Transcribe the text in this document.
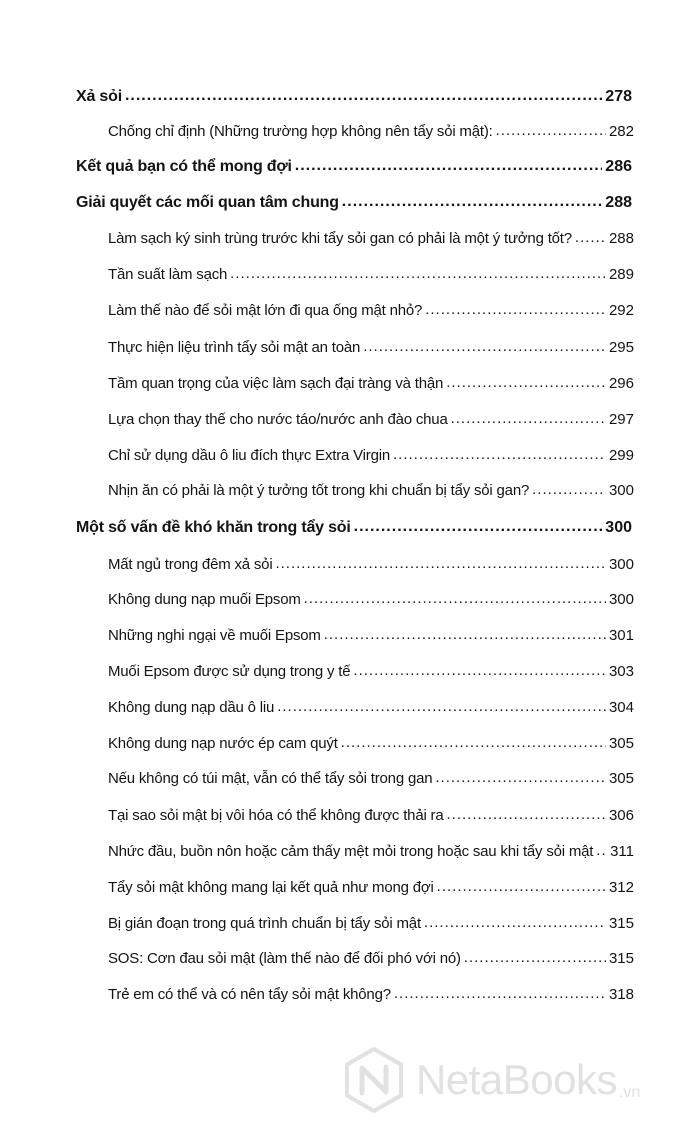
Xả sỏi .....	278
Chống chỉ định (Những trường hợp không nên tẩy sỏi mật): .....	282
Kết quả bạn có thể mong đợi .....	286
Giải quyết các mối quan tâm chung .....	288
Làm sạch ký sinh trùng trước khi tẩy sỏi gan có phải là một ý tưởng tốt? ..... 288
Tần suất làm sạch .....	289
Làm thế nào để sỏi mật lớn đi qua ống mật nhỏ? .....	292
Thực hiện liệu trình tẩy sỏi mật an toàn .....	295
Tầm quan trọng của việc làm sạch đại tràng và thận .....	296
Lựa chọn thay thế cho nước táo/nước anh đào chua .....	297
Chỉ sử dụng dầu ô liu đích thực Extra Virgin .....	299
Nhịn ăn có phải là một ý tưởng tốt trong khi chuẩn bị tẩy sỏi gan? .....	300
Một số vấn đề khó khăn trong tẩy sỏi .....	300
Mất ngủ trong đêm xả sỏi .....	300
Không dung nạp muối Epsom .....	300
Những nghi ngại về muối Epsom .....	301
Muối Epsom được sử dụng trong y tế .....	303
Không dung nạp dầu ô liu .....	304
Không dung nạp nước ép cam quýt .....	305
Nếu không có túi mật, vẫn có thể tẩy sỏi trong gan .....	305
Tại sao sỏi mật bị vôi hóa có thể không được thải ra .....	306
Nhức đầu, buồn nôn hoặc cảm thấy mệt mỏi trong hoặc sau khi tẩy sỏi mật ..... 311
Tẩy sỏi mật không mang lại kết quả như mong đợi .....	312
Bị gián đoạn trong quá trình chuẩn bị tẩy sỏi mật .....	315
SOS: Cơn đau sỏi mật (làm thế nào để đối phó với nó) .....	315
Trẻ em có thể và có nên tẩy sỏi mật không? .....	318
NetaBooks .vn
